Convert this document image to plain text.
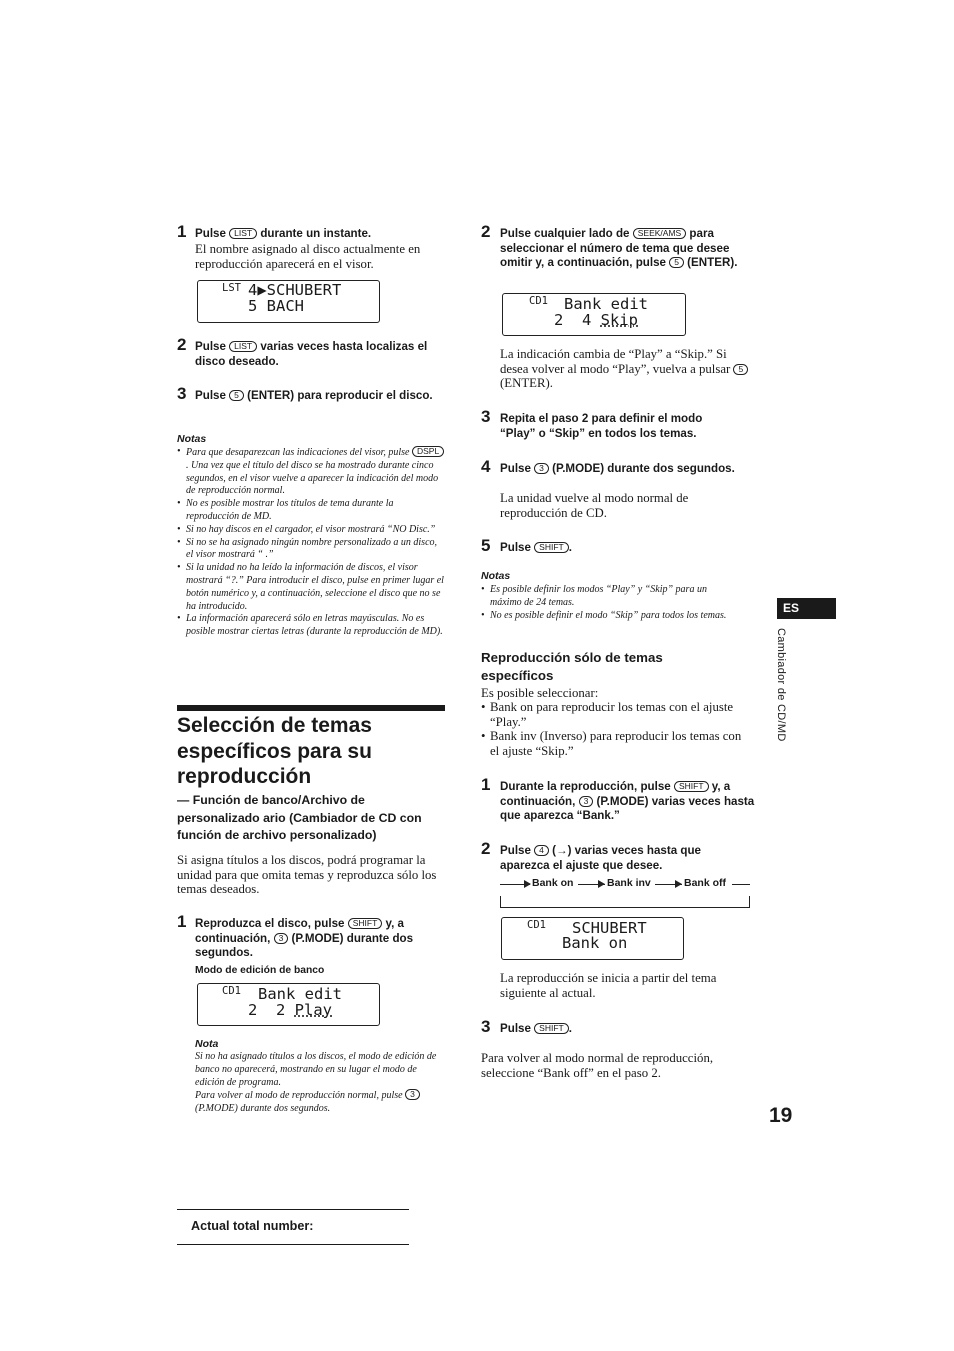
1 Pulse LIST durante un instante.
El nombre asignado al disco actualmente en reproducción aparecerá en el visor.
LST 4▶SCHUBERT
5 BACH
2 Pulse LIST varias veces hasta localizas el disco deseado.
3 Pulse 5 (ENTER) para reproducir el disco.
Notas
• Para que desaparezcan las indicaciones del visor, pulse DSPL. Una vez que el título del disco se ha mostrado durante cinco segundos, en el visor vuelve a aparecer la indicación del modo de reproducción normal.
• No es posible mostrar los títulos de tema durante la reproducción de MD.
• Si no hay discos en el cargador, el visor mostrará “NO Disc.”
• Si no se ha asignado ningún nombre personalizado a un disco, el visor mostrará “ .”
• Si la unidad no ha leído la información de discos, el visor mostrará “?.” Para introducir el disco, pulse en primer lugar el botón numérico y, a continuación, seleccione el disco que no se ha introducido.
• La información aparecerá sólo en letras mayúsculas. No es posible mostrar ciertas letras (durante la reproducción de MD).
Selección de temas específicos para su reproducción
— Función de banco/Archivo de personalizado ario (Cambiador de CD con función de archivo personalizado)
Si asigna títulos a los discos, podrá programar la unidad para que omita temas y reproduzca sólo los temas deseados.
1 Reproduzca el disco, pulse SHIFT y, a continuación, 3 (P.MODE) durante dos segundos.
Modo de edición de banco
CD1 Bank edit
2  2 Play
Nota
Si no ha asignado títulos a los discos, el modo de edición de banco no aparecerá, mostrando en su lugar el modo de edición de programa.
Para volver al modo de reproducción normal, pulse 3 (P.MODE) durante dos segundos.
Actual total number:
2 Pulse cualquier lado de SEEK/AMS para seleccionar el número de tema que desee omitir y, a continuación, pulse 5 (ENTER).
CD1 Bank edit
2  4 Skip
La indicación cambia de “Play” a “Skip.” Si desea volver al modo “Play”, vuelva a pulsar 5 (ENTER).
3 Repita el paso 2 para definir el modo “Play” o “Skip” en todos los temas.
4 Pulse 3 (P.MODE) durante dos segundos.
La unidad vuelve al modo normal de reproducción de CD.
5 Pulse SHIFT .
Notas
• Es posible definir los modos “Play” y “Skip” para un máximo de 24 temas.
• No es posible definir el modo “Skip” para todos los temas.
Reproducción sólo de temas específicos
Es posible seleccionar:
• Bank on para reproducir los temas con el ajuste “Play.”
• Bank inv (Inverso) para reproducir los temas con el ajuste “Skip.”
1 Durante la reproducción, pulse SHIFT y, a continuación, 3 (P.MODE) varias veces hasta que aparezca “Bank.”
2 Pulse 4 (→) varias veces hasta que aparezca el ajuste que desee.
Bank on	Bank inv	Bank off
CD1 SCHUBERT
Bank on
La reproducción se inicia a partir del tema siguiente al actual.
3 Pulse SHIFT .
Para volver al modo normal de reproducción, seleccione “Bank off” en el paso 2.
ES
Cambiador de CD/MD
19
